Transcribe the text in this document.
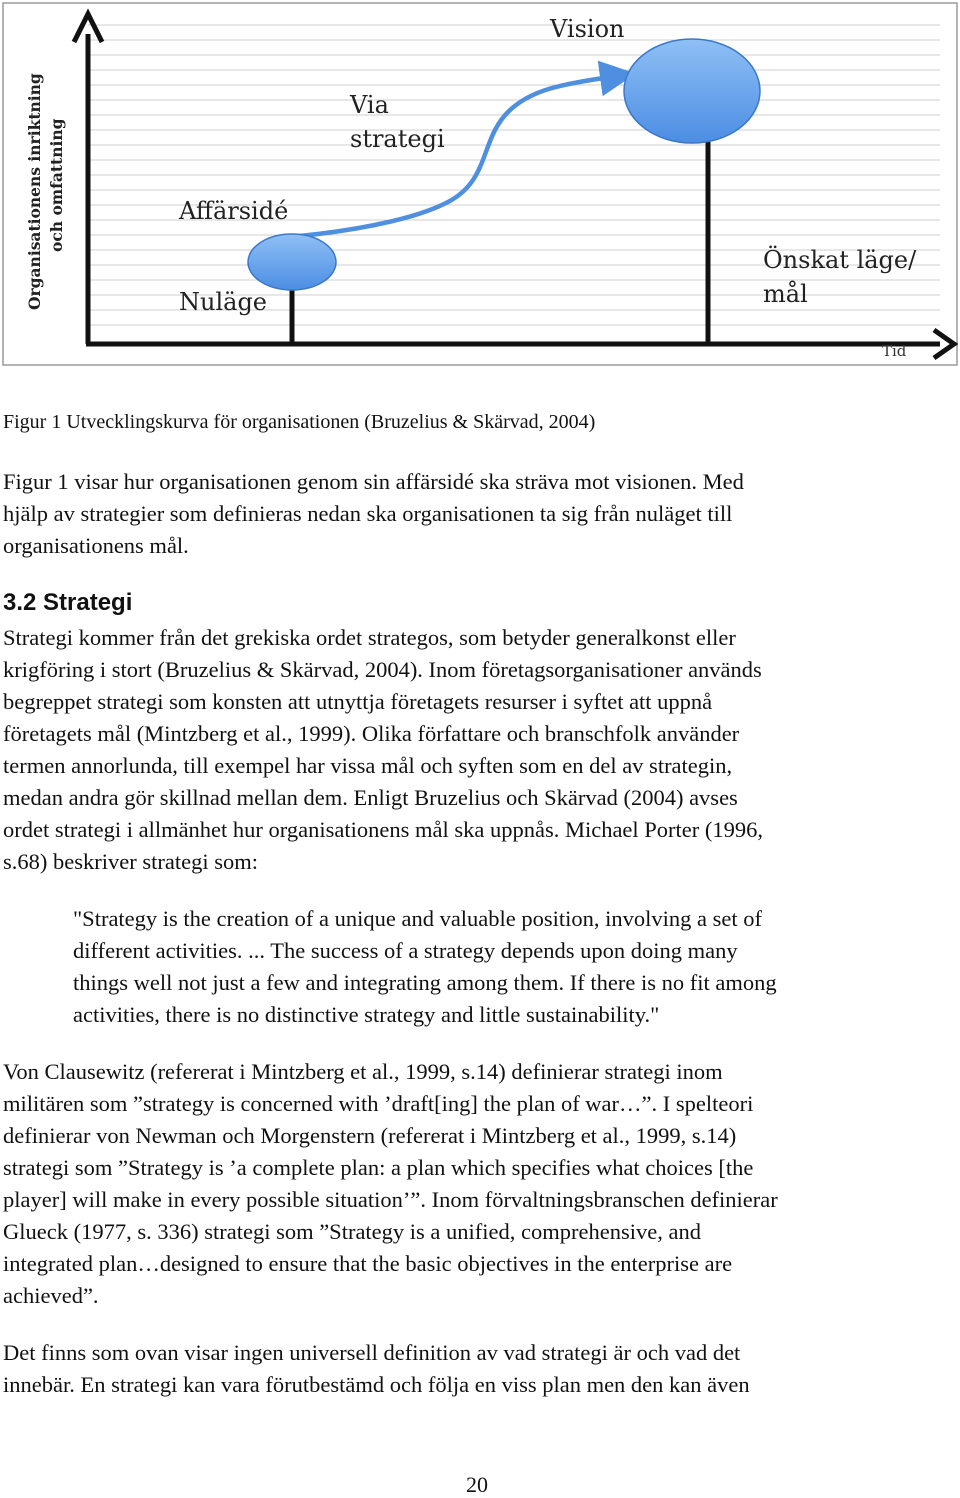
Organisationens inriktning och omfattning
Vision
Via
strategi
Affärsidé
Nuläge
Önskat läge/
mål
Tid
Figur 1 Utvecklingskurva för organisationen (Bruzelius & Skärvad, 2004)
Figur 1 visar hur organisationen genom sin affärsidé ska sträva mot visionen. Med
hjälp av strategier som definieras nedan ska organisationen ta sig från nuläget till
organisationens mål.
3.2 Strategi
Strategi kommer från det grekiska ordet strategos, som betyder generalkonst eller
krigföring i stort (Bruzelius & Skärvad, 2004). Inom företagsorganisationer används
begreppet strategi som konsten att utnyttja företagets resurser i syftet att uppnå
företagets mål (Mintzberg et al., 1999). Olika författare och branschfolk använder
termen annorlunda, till exempel har vissa mål och syften som en del av strategin,
medan andra gör skillnad mellan dem. Enligt Bruzelius och Skärvad (2004) avses
ordet strategi i allmänhet hur organisationens mål ska uppnås. Michael Porter (1996,
s.68) beskriver strategi som:
"Strategy is the creation of a unique and valuable position, involving a set of
different activities. ... The success of a strategy depends upon doing many
things well not just a few and integrating among them. If there is no fit among
activities, there is no distinctive strategy and little sustainability."
Von Clausewitz (refererat i Mintzberg et al., 1999, s.14) definierar strategi inom
militären som ”strategy is concerned with ’draft[ing] the plan of war…”. I spelteori
definierar von Newman och Morgenstern (refererat i Mintzberg et al., 1999, s.14)
strategi som ”Strategy is ’a complete plan: a plan which specifies what choices [the
player] will make in every possible situation’”. Inom förvaltningsbranschen definierar
Glueck (1977, s. 336) strategi som ”Strategy is a unified, comprehensive, and
integrated plan…designed to ensure that the basic objectives in the enterprise are
achieved”.
Det finns som ovan visar ingen universell definition av vad strategi är och vad det
innebär. En strategi kan vara förutbestämd och följa en viss plan men den kan även
20
